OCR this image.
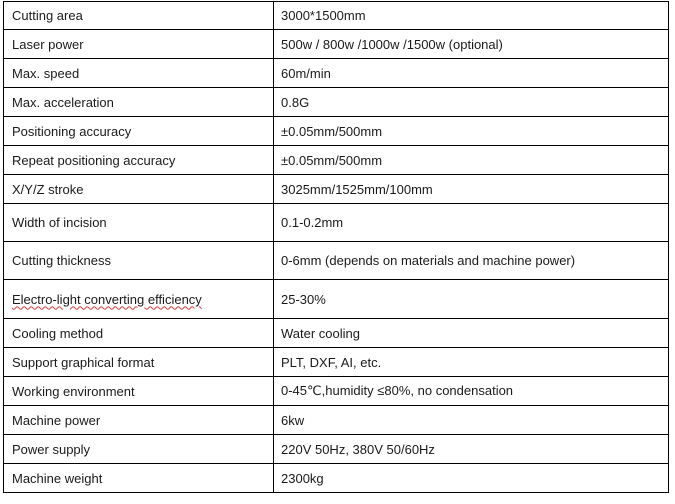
Cutting area	3000*1500mm
Laser power	500w / 800w /1000w /1500w (optional)
Max. speed	60m/min
Max. acceleration	0.8G
Positioning accuracy	±0.05mm/500mm
Repeat positioning accuracy	±0.05mm/500mm
X/Y/Z stroke	3025mm/1525mm/100mm
Width of incision	0.1-0.2mm
Cutting thickness	0-6mm (depends on materials and machine power)
Electro-light converting efficiency	25-30%
Cooling method	Water cooling
Support graphical format	PLT, DXF, AI, etc.
Working environment	0-45℃,humidity ≤80%, no condensation
Machine power	6kw
Power supply	220V 50Hz, 380V 50/60Hz
Machine weight	2300kg
